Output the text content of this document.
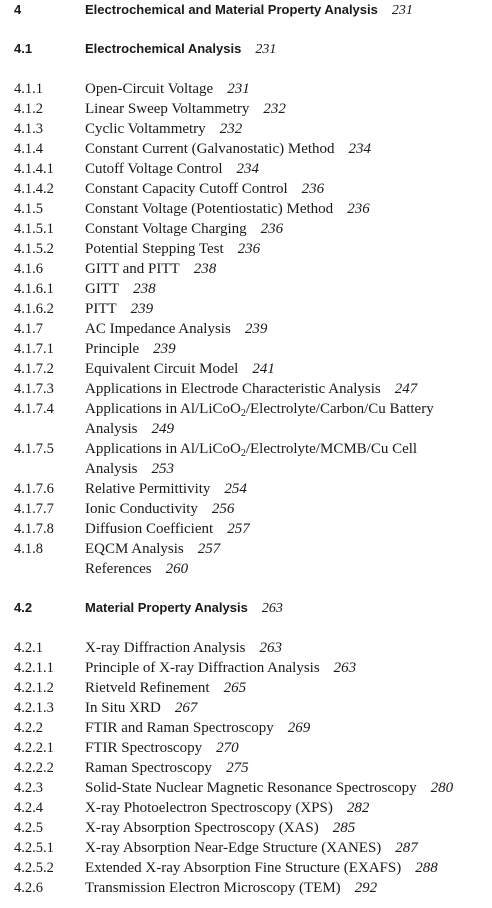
4	Electrochemical and Material Property Analysis 231
4.1	Electrochemical Analysis 231
4.1.1	Open-Circuit Voltage 231
4.1.2	Linear Sweep Voltammetry 232
4.1.3	Cyclic Voltammetry 232
4.1.4	Constant Current (Galvanostatic) Method 234
4.1.4.1 Cutoff Voltage Control 234
4.1.4.2 Constant Capacity Cutoff Control 236
4.1.5	Constant Voltage (Potentiostatic) Method 236
4.1.5.1 Constant Voltage Charging 236
4.1.5.2 Potential Stepping Test 236
4.1.6	GITT and PITT 238
4.1.6.1 GITT 238
4.1.6.2 PITT 239
4.1.7	AC Impedance Analysis 239
4.1.7.1 Principle 239
4.1.7.2 Equivalent Circuit Model 241
4.1.7.3 Applications in Electrode Characteristic Analysis 247
4.1.7.4 Applications in Al/LiCoO$_2$/Electrolyte/Carbon/Cu Battery
Analysis 249
4.1.7.5 Applications in Al/LiCoO$_2$/Electrolyte/MCMB/Cu Cell
Analysis 253
4.1.7.6 Relative Permittivity 254
4.1.7.7 Ionic Conductivity 256
4.1.7.8 Diffusion Coefficient 257
4.1.8	EQCM Analysis 257
References 260
4.2	Material Property Analysis 263
4.2.1	X-ray Diffraction Analysis 263
4.2.1.1 Principle of X-ray Diffraction Analysis 263
4.2.1.2 Rietveld Refinement 265
4.2.1.3 In Situ XRD 267
4.2.2	FTIR and Raman Spectroscopy 269
4.2.2.1 FTIR Spectroscopy 270
4.2.2.2 Raman Spectroscopy 275
4.2.3	Solid-State Nuclear Magnetic Resonance Spectroscopy 280
4.2.4	X-ray Photoelectron Spectroscopy (XPS) 282
4.2.5	X-ray Absorption Spectroscopy (XAS) 285
4.2.5.1 X-ray Absorption Near-Edge Structure (XANES) 287
4.2.5.2 Extended X-ray Absorption Fine Structure (EXAFS) 288
4.2.6	Transmission Electron Microscopy (TEM) 292
